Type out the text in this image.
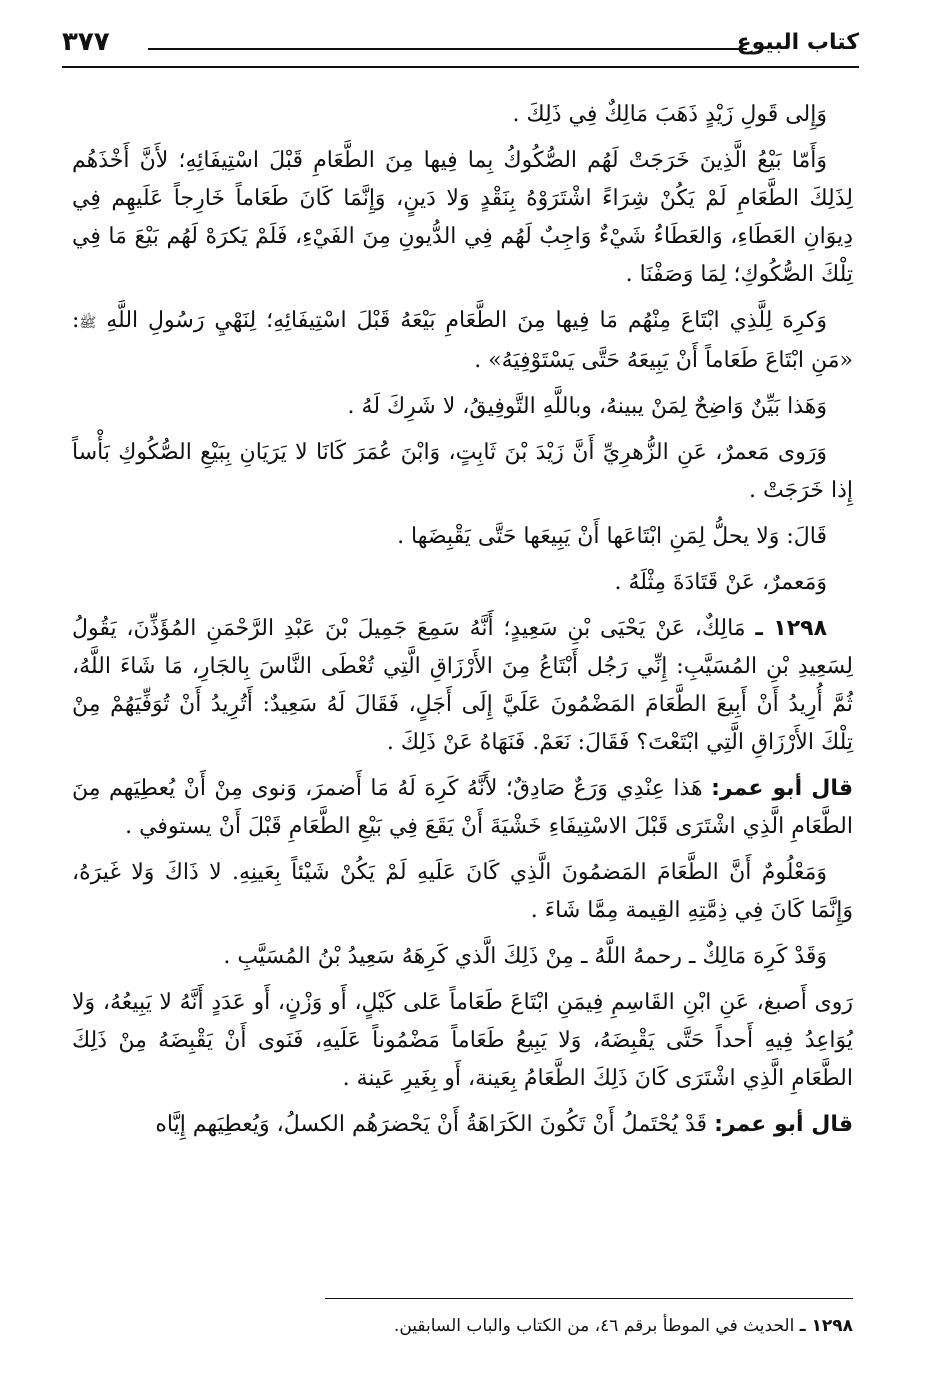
كتاب البيوع
٣٧٧

وَإِلى قَولِ زَيْدٍ ذَهَبَ مَالِكٌ فِي ذَلِكَ .

وَأَمّا بَيْعُ الَّذِينَ خَرَجَتْ لَهُم الصُّكُوكُ بِما فِيها مِنَ الطَّعَامِ قَبْلَ اسْتِيفَائِهِ؛ لأَنَّ أَخْذَهُم لِذَلِكَ الطَّعَامِ لَمْ يَكُنْ شِرَاءً اشْتَرَوْهُ بِنَقْدٍ وَلا دَينٍ، وَإِنَّمَا كَانَ طَعَاماً خَارِجاً عَلَيهِم فِي دِيوَانِ العَطَاءِ، وَالعَطَاءُ شَيْءٌ وَاجِبٌ لَهُم فِي الدُّيونِ مِنَ الفَيْءِ، فَلَمْ يَكرَهْ لَهُم بَيْعَ مَا فِي تِلْكَ الصُّكُوكِ؛ لِمَا وَصَفْنَا .

وَكرِهَ لِلَّذِي ابْتَاعَ مِنْهُم مَا فِيها مِنَ الطَّعَامِ بَيْعَهُ قَبْلَ اسْتِيفَائِهِ؛ لِنَهْيِ رَسُولِ اللَّهِ ﷺ: «مَنِ ابْتَاعَ طَعَاماً أَنْ يَبِيعَهُ حَتَّى يَسْتَوْفِيَهُ» .

وَهَذا بَيِّنٌ وَاضِحٌ لِمَنْ يبينهُ، وباللَّهِ التَّوفِيقُ، لا شَرِكَ لَهُ .

وَرَوى مَعمرٌ، عَنِ الزُّهرِيِّ أَنَّ زَيْدَ بْنَ ثَابِتٍ، وَابْنَ عُمَرَ كَانَا لا يَرَيَانِ بِبَيْعِ الصُّكُوكِ بَأْساً إِذا خَرَجَتْ .

قَالَ: وَلا يحلُّ لِمَنِ ابْتَاعَها أَنْ يَبِيعَها حَتَّى يَقْبِضَها .

وَمَعمرٌ، عَنْ قَتَادَةَ مِثْلَهُ .

١٢٩٨ ـ مَالِكٌ، عَنْ يَحْيَى بْنِ سَعِيدٍ؛ أَنَّهُ سَمِعَ جَمِيلَ بْنَ عَبْدِ الرَّحْمَنِ المُؤَذِّنَ، يَقُولُ لِسَعِيدِ بْنِ المُسَيَّبِ: إِنِّي رَجُل أَبْتَاعُ مِنَ الأَرْزَاقِ الَّتِي تُعْطَى النَّاسَ بِالجَارِ، مَا شَاءَ اللَّهُ، ثُمَّ أُرِيدُ أَنْ أَبِيعَ الطَّعَامَ المَضْمُونَ عَلَيَّ إِلَى أَجَلٍ، فَقَالَ لَهُ سَعِيدٌ: أَتُرِيدُ أَنْ تُوَفِّيَهُمْ مِنْ تِلْكَ الأَرْزَاقِ الَّتِي ابْتَعْتَ؟ فَقَالَ: نَعَمْ. فَنَهَاهُ عَنْ ذَلِكَ .

قال أبو عمر: هَذا عِنْدِي وَرَعٌ صَادِقٌ؛ لأَنَّهُ كَرِهَ لَهُ مَا أَضمرَ، وَنوى مِنْ أَنْ يُعطِيَهم مِنَ الطَّعَامِ الَّذِي اشْتَرَى قَبْلَ الاسْتِيفَاءِ خَشْيَةَ أَنْ يَقَعَ فِي بَيْعِ الطَّعَامِ قَبْلَ أَنْ يستوفي .

وَمَعْلُومٌ أَنَّ الطَّعَامَ المَضمُونَ الَّذِي كَانَ عَلَيهِ لَمْ يَكُنْ شَيْئاً بِعَينِهِ. لا ذَاكَ وَلا غَيرَهُ، وَإِنَّمَا كَانَ فِي ذِمَّتِهِ القِيمة مِمَّا شَاءَ .

وَقَدْ كَرِهَ مَالِكٌ ـ رحمهُ اللَّهُ ـ مِنْ ذَلِكَ الَّذي كَرِهَهُ سَعِيدُ بْنُ المُسَيَّبِ .

رَوى أَصبغ، عَنِ ابْنِ القَاسِمِ فِيمَنِ ابْتَاعَ طَعَاماً عَلى كَيْلٍ، أَو وَزْنٍ، أَو عَدَدٍ أَنَّهُ لا يَبِيعُهُ، وَلا يُوَاعِدُ فِيهِ أَحداً حَتَّى يَقْبِضَهُ، وَلا يَبِيعُ طَعَاماً مَضْمُوناً عَلَيهِ، فَنَوى أَنْ يَقْبِضَهُ مِنْ ذَلِكَ الطَّعَامِ الَّذِي اشْتَرَى كَانَ ذَلِكَ الطَّعَامُ بِعَينة، أَو بِغَيرِ عَينة .

قال أبو عمر: قَدْ يُحْتَملُ أَنْ تَكُونَ الكَرَاهَةُ أَنْ يَحْضرَهُم الكسلُ، وَيُعطِيَهم إِيَّاه

١٢٩٨ ـ الحديث في الموطأ برقم ٤٦، من الكتاب والباب السابقين.
